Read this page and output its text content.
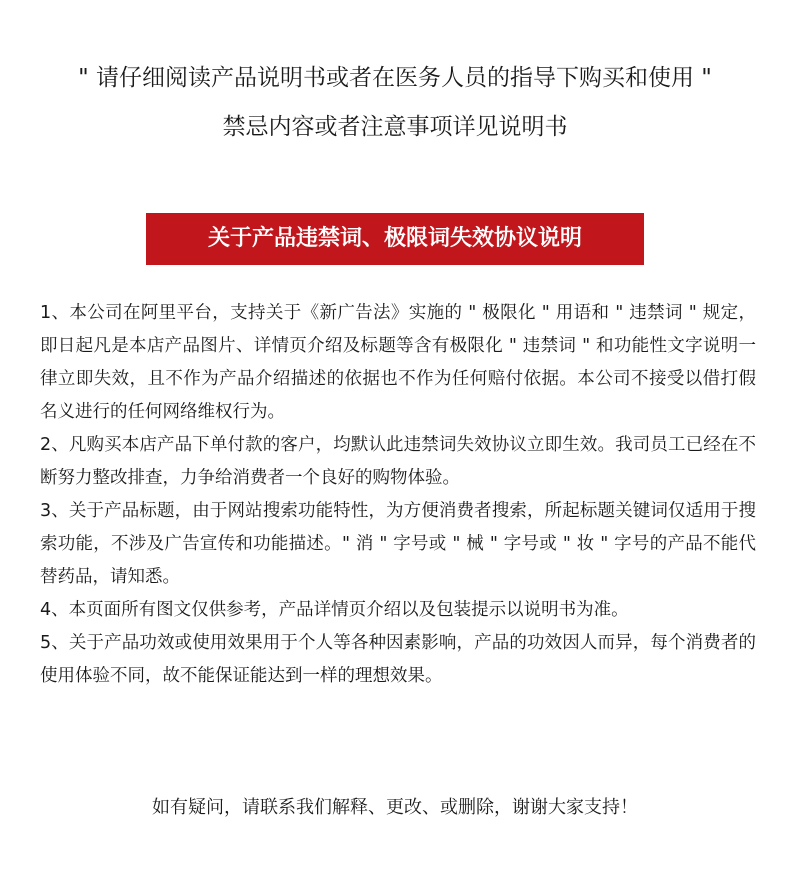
" 请仔细阅读产品说明书或者在医务人员的指导下购买和使用 "
禁忌内容或者注意事项详见说明书
关于产品违禁词、极限词失效协议说明

1、本公司在阿里平台，支持关于《新广告法》实施的 " 极限化 " 用语和 " 违禁词 " 规定，即日起凡是本店产品图片、详情页介绍及标题等含有极限化 " 违禁词 " 和功能性文字说明一律立即失效，且不作为产品介绍描述的依据也不作为任何赔付依据。本公司不接受以借打假名义进行的任何网络维权行为。

2、凡购买本店产品下单付款的客户，均默认此违禁词失效协议立即生效。我司员工已经在不断努力整改排查，力争给消费者一个良好的购物体验。

3、关于产品标题，由于网站搜索功能特性，为方便消费者搜索，所起标题关键词仅适用于搜索功能，不涉及广告宣传和功能描述。" 消 " 字号或 " 械 " 字号或 " 妆 " 字号的产品不能代替药品，请知悉。

4、本页面所有图文仅供参考，产品详情页介绍以及包装提示以说明书为准。

5、关于产品功效或使用效果用于个人等各种因素影响，产品的功效因人而异，每个消费者的使用体验不同，故不能保证能达到一样的理想效果。

如有疑问，请联系我们解释、更改、或删除，谢谢大家支持！
